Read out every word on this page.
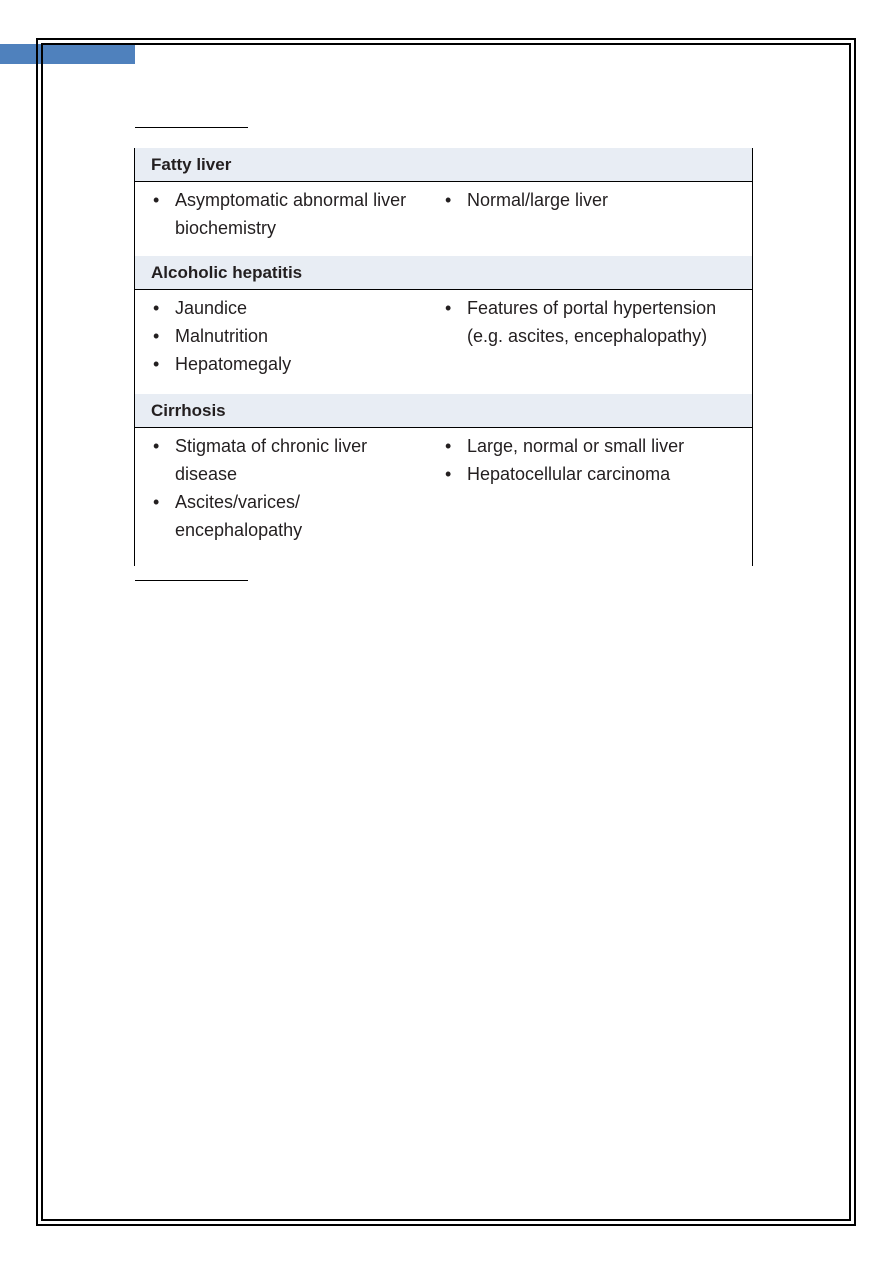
Fatty liver
• Asymptomatic abnormal liver biochemistry
• Normal/large liver
Alcoholic hepatitis
• Jaundice
• Malnutrition
• Hepatomegaly
• Features of portal hypertension (e.g. ascites, encephalopathy)
Cirrhosis
• Stigmata of chronic liver disease
• Ascites/varices/ encephalopathy
• Large, normal or small liver
• Hepatocellular carcinoma
